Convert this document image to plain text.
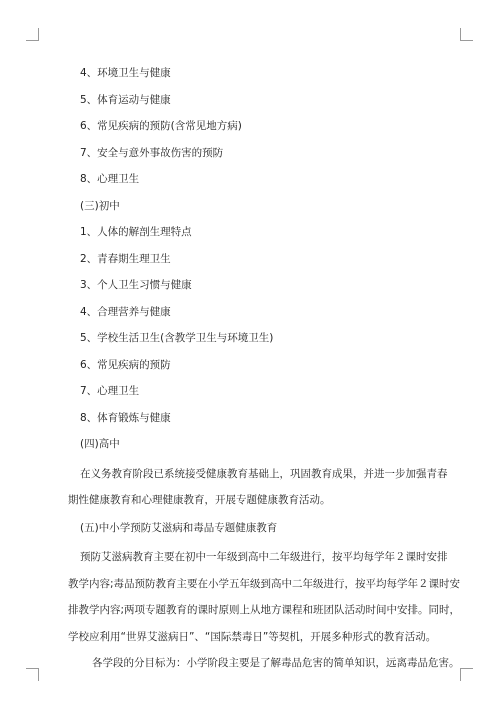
4、环境卫生与健康
5、体育运动与健康
6、常见疾病的预防(含常见地方病)
7、安全与意外事故伤害的预防
8、心理卫生
(三)初中
1、人体的解剖生理特点
2、青春期生理卫生
3、个人卫生习惯与健康
4、合理营养与健康
5、学校生活卫生(含教学卫生与环境卫生)
6、常见疾病的预防
7、心理卫生
8、体育锻炼与健康
(四)高中
在义务教育阶段已系统接受健康教育基础上，巩固教育成果，并进一步加强青春
期性健康教育和心理健康教育，开展专题健康教育活动。
(五)中小学预防艾滋病和毒品专题健康教育
预防艾滋病教育主要在初中一年级到高中二年级进行，按平均每学年２课时安排
教学内容;毒品预防教育主要在小学五年级到高中二年级进行，按平均每学年２课时安
排教学内容;两项专题教育的课时原则上从地方课程和班团队活动时间中安排。同时，
学校应利用“世界艾滋病日”、“国际禁毒日”等契机，开展多种形式的教育活动。
各学段的分目标为：小学阶段主要是了解毒品危害的简单知识，远离毒品危害。
